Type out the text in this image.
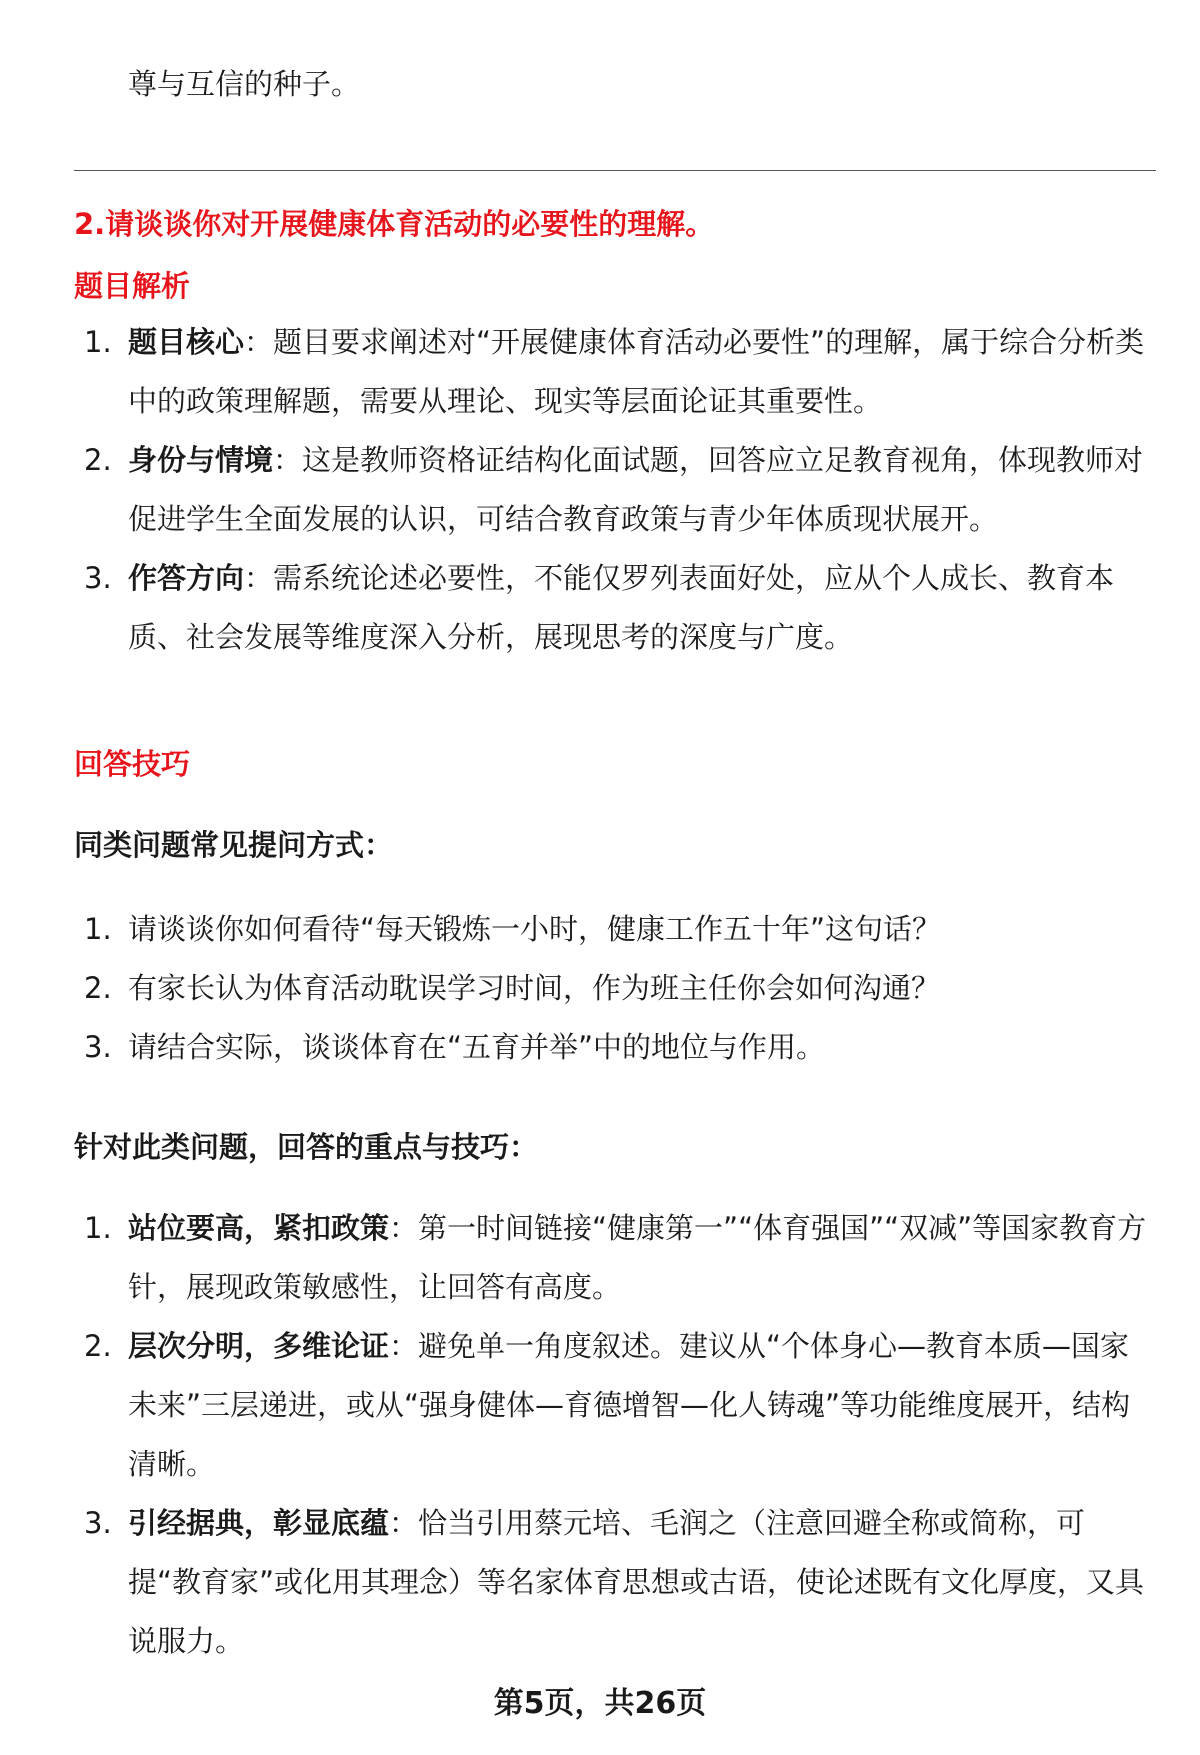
尊与互信的种子。
2.请谈谈你对开展健康体育活动的必要性的理解。
题目解析
1. 题目核心：题目要求阐述对“开展健康体育活动必要性”的理解，属于综合分析类中的政策理解题，需要从理论、现实等层面论证其重要性。
2. 身份与情境：这是教师资格证结构化面试题，回答应立足教育视角，体现教师对促进学生全面发展的认识，可结合教育政策与青少年体质现状展开。
3. 作答方向：需系统论述必要性，不能仅罗列表面好处，应从个人成长、教育本质、社会发展等维度深入分析，展现思考的深度与广度。
回答技巧
同类问题常见提问方式：
1. 请谈谈你如何看待“每天锻炼一小时，健康工作五十年”这句话？
2. 有家长认为体育活动耽误学习时间，作为班主任你会如何沟通？
3. 请结合实际，谈谈体育在“五育并举”中的地位与作用。
针对此类问题，回答的重点与技巧：
1. 站位要高，紧扣政策：第一时间链接“健康第一”“体育强国”“双减”等国家教育方针，展现政策敏感性，让回答有高度。
2. 层次分明，多维论证：避免单一角度叙述。建议从“个体身心—教育本质—国家未来”三层递进，或从“强身健体—育德增智—化人铸魂”等功能维度展开，结构清晰。
3. 引经据典，彰显底蕴：恰当引用蔡元培、毛润之（注意回避全称或简称，可提“教育家”或化用其理念）等名家体育思想或古语，使论述既有文化厚度，又具说服力。
第5页，共26页
